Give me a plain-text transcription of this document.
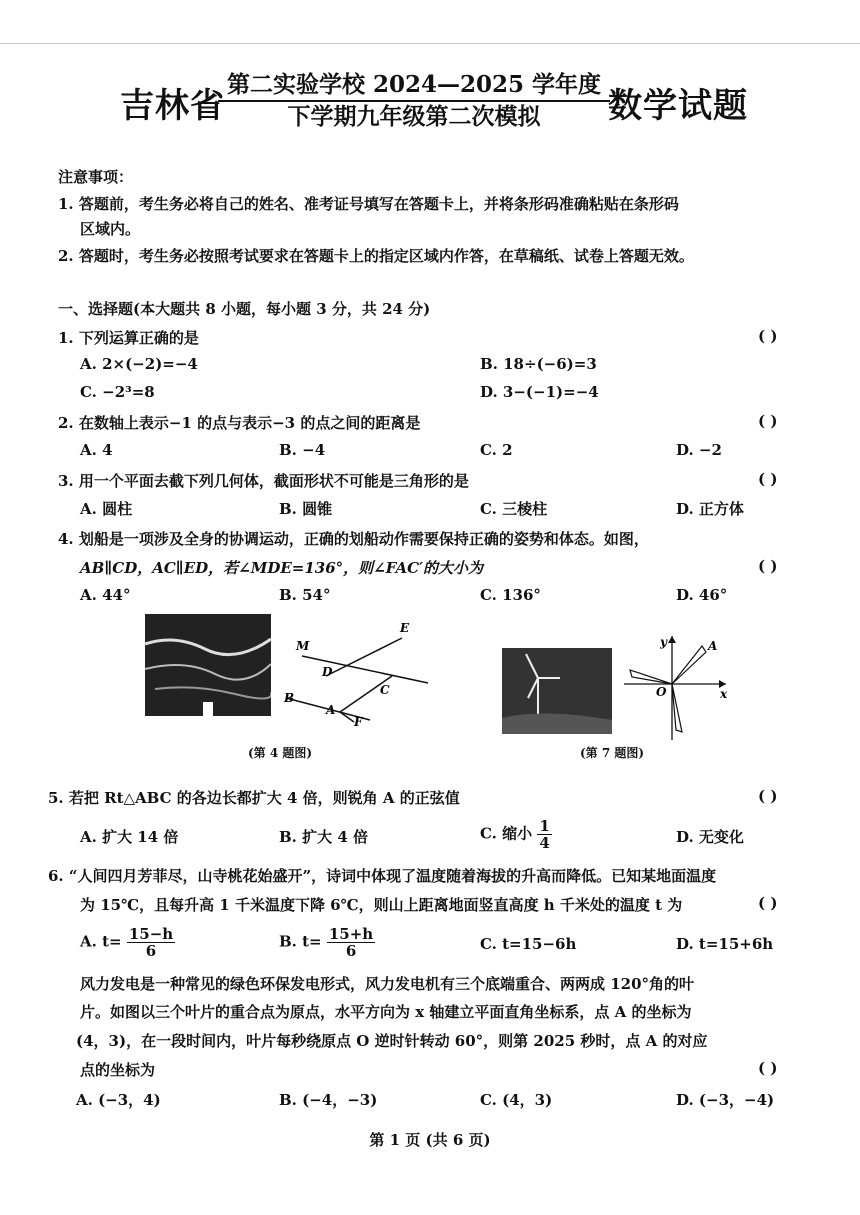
吉林省
第二实验学校 2024—2025 学年度
下学期九年级第二次模拟	数学试题
注意事项：
1. 答题前，考生务必将自己的姓名、准考证号填写在答题卡上，并将条形码准确粘贴在条形码
区域内。
2. 答题时，考生务必按照考试要求在答题卡上的指定区域内作答，在草稿纸、试卷上答题无效。
一、选择题(本大题共 8 小题，每小题 3 分，共 24 分)
1. 下列运算正确的是	( )
A. 2×(−2)=−4	B. 18÷(−6)=3
C. −2³=8	D. 3−(−1)=−4
2. 在数轴上表示−1 的点与表示−3 的点之间的距离是	( )
A. 4	B. −4	C. 2	D. −2
3. 用一个平面去截下列几何体，截面形状不可能是三角形的是	( )
A. 圆柱	B. 圆锥	C. 三棱柱	D. 正方体
4. 划船是一项涉及全身的协调运动，正确的划船动作需要保持正确的姿势和体态。如图，
AB∥CD，AC∥ED，若∠MDE=136°，则∠FAC′的大小为	( )
A. 44°	B. 54°	C. 136°	D. 46°
M
E
D
C
B
A
F
(第 4 题图)
y	A
O	x
(第 7 题图)
5. 若把 Rt△ABC 的各边长都扩大 4 倍，则锐角 A 的正弦值	( )
A. 扩大 14 倍	B. 扩大 4 倍	C. 缩小 $\frac{1}{4}$	D. 无变化
6. “人间四月芳菲尽，山寺桃花始盛开”，诗词中体现了温度随着海拔的升高而降低。已知某地面温度
为 15℃，且每升高 1 千米温度下降 6℃，则山上距离地面竖直高度 h 千米处的温度 t 为	( )
A. $t= \frac{15-h}{6}$	B. $t= \frac{15+h}{6}$	C. t=15−6h	D. t=15+6h
风力发电是一种常见的绿色环保发电形式，风力发电机有三个底端重合、两两成 120°角的叶
片。如图以三个叶片的重合点为原点，水平方向为 x 轴建立平面直角坐标系，点 A 的坐标为
(4，3)，在一段时间内，叶片每秒绕原点 O 逆时针转动 60°，则第 2025 秒时，点 A 的对应
点的坐标为	( )
A. (−3，4)	B. (−4，−3)	C. (4，3)	D. (−3，−4)
第 1 页 (共 6 页)
